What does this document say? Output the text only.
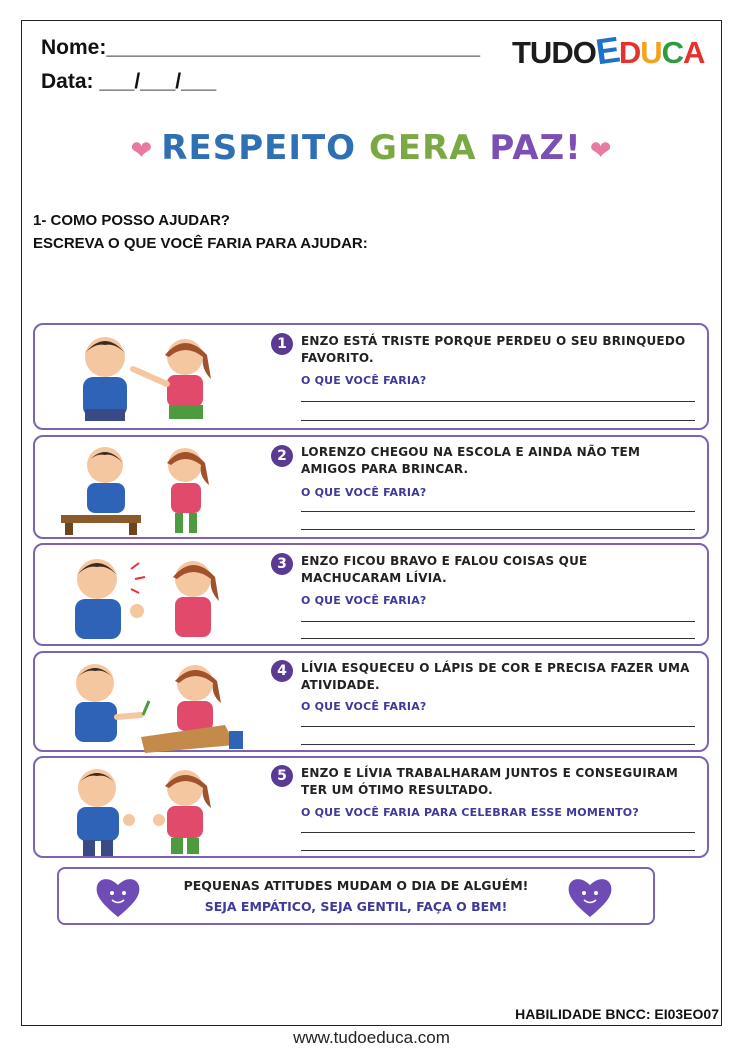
Nome:________________________________
Data: ___/___/___
TUDOEDUCA
❤ RESPEITO GERA PAZ! ❤
1- COMO POSSO AJUDAR?
ESCREVA O QUE VOCÊ FARIA PARA AJUDAR:
1	ENZO ESTÁ TRISTE PORQUE PERDEU O SEU BRINQUEDO FAVORITO.
O QUE VOCÊ FARIA?
2	LORENZO CHEGOU NA ESCOLA E AINDA NÃO TEM AMIGOS PARA BRINCAR.
O QUE VOCÊ FARIA?
3	ENZO FICOU BRAVO E FALOU COISAS QUE MACHUCARAM LÍVIA.
O QUE VOCÊ FARIA?
4	LÍVIA ESQUECEU O LÁPIS DE COR E PRECISA FAZER UMA ATIVIDADE.
O QUE VOCÊ FARIA?
5	ENZO E LÍVIA TRABALHARAM JUNTOS E CONSEGUIRAM TER UM ÓTIMO RESULTADO.
O QUE VOCÊ FARIA PARA CELEBRAR ESSE MOMENTO?
PEQUENAS ATITUDES MUDAM O DIA DE ALGUÉM!
SEJA EMPÁTICO, SEJA GENTIL, FAÇA O BEM!
HABILIDADE BNCC: EI03EO07
www.tudoeduca.com
